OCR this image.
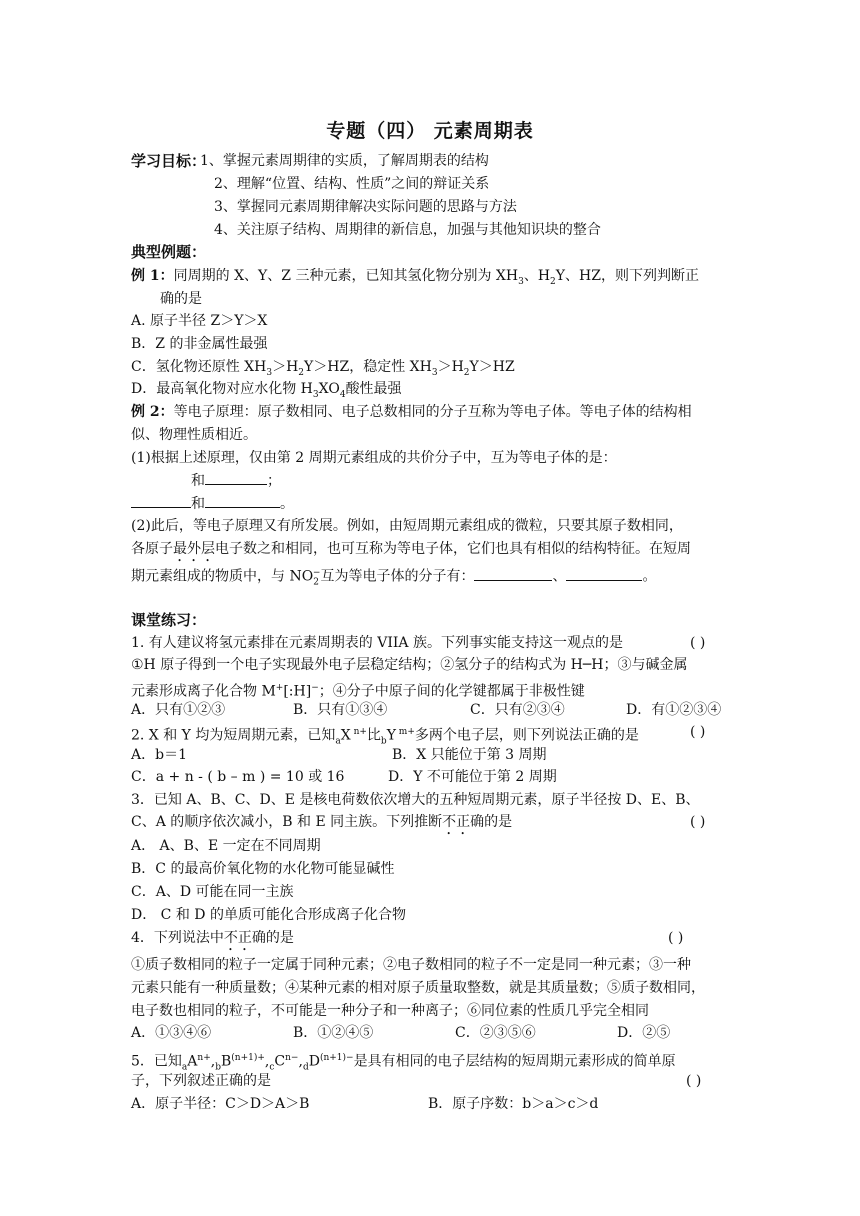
专题（四） 元素周期表
学习目标：
1、掌握元素周期律的实质，了解周期表的结构
2、理解“位置、结构、性质”之间的辩证关系
3、掌握同元素周期律解决实际问题的思路与方法
4、关注原子结构、周期律的新信息，加强与其他知识块的整合
典型例题：
例 1：同周期的 X、Y、Z 三种元素，已知其氢化物分别为 $XH_3$、$H_2Y$、HZ，则下列判断正
确的是
A. 原子半径 Z＞Y＞X
B．Z 的非金属性最强
C．氢化物还原性 $XH_3>H_2Y>HZ$，稳定性 $XH_3>H_2Y>HZ$
D．最高氧化物对应水化物 $H_3XO_4$酸性最强
例 2：等电子原理：原子数相同、电子总数相同的分子互称为等电子体。等电子体的结构相
似、物理性质相近。
(1)根据上述原理，仅由第 2 周期元素组成的共价分子中，互为等电子体的是：
和	；
和	。
(2)此后，等电子原理又有所发展。例如，由短周期元素组成的微粒，只要其原子数相同，
各原子最外层电子数之和相同，也可互称为等电子体，它们也具有相似的结构特征。在短周
期元素组成的物质中，与 $NO_2^-$互为等电子体的分子有：	、	。
课堂练习：
1. 有人建议将氢元素排在元素周期表的 VIIA 族。下列事实能支持这一观点的是	( )
①H 原子得到一个电子实现最外电子层稳定结构；②氢分子的结构式为 H─H；③与碱金属
元素形成离子化合物 M+[:H]−；④分子中原子间的化学键都属于非极性键
A．只有①②③	B．只有①③④	C．只有②③④	D．有①②③④
2. X 和 Y 均为短周期元素，已知$_a$X $^{n+}$比$_b$Y $^{m+}$多两个电子层，则下列说法正确的是	( )
A．b＝1	B．X 只能位于第 3 周期
C．a + n - ( b – m ) = 10 或 16	D．Y 不可能位于第 2 周期
3．已知 A、B、C、D、E 是核电荷数依次增大的五种短周期元素，原子半径按 D、E、B、
C、A 的顺序依次减小，B 和 E 同主族。下列推断不正确的是	( )
A． A、B、E 一定在不同周期
B．C 的最高价氧化物的水化物可能显碱性
C．A、D 可能在同一主族
D． C 和 D 的单质可能化合形成离子化合物
4．下列说法中不正确的是	( )
①质子数相同的粒子一定属于同种元素；②电子数相同的粒子不一定是同一种元素；③一种
元素只能有一种质量数；④某种元素的相对原子质量取整数，就是其质量数；⑤质子数相同，
电子数也相同的粒子，不可能是一种分子和一种离子；⑥同位素的性质几乎完全相同
A．①③④⑥	B．①②④⑤	C．②③⑤⑥	D．②⑤
5．已知$_aA^{n+},_bB^{(n+1)+},_cC^{n-},_dD^{(n+1)-}$是具有相同的电子层结构的短周期元素形成的简单原
子，下列叙述正确的是	( )
A．原子半径：C＞D＞A＞B	B．原子序数：b＞a＞c＞d
